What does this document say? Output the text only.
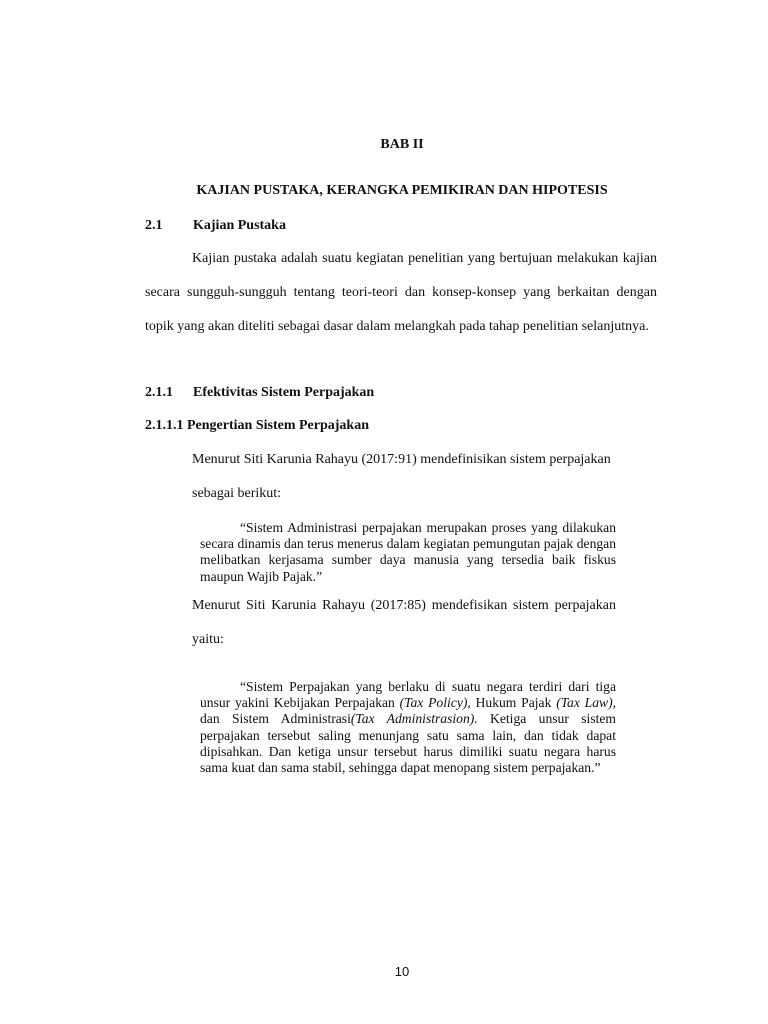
BAB II

KAJIAN PUSTAKA, KERANGKA PEMIKIRAN DAN HIPOTESIS

2.1 Kajian Pustaka

Kajian pustaka adalah suatu kegiatan penelitian yang bertujuan melakukan kajian secara sungguh-sungguh tentang teori-teori dan konsep-konsep yang berkaitan dengan topik yang akan diteliti sebagai dasar dalam melangkah pada tahap penelitian selanjutnya.

2.1.1 Efektivitas Sistem Perpajakan

2.1.1.1 Pengertian Sistem Perpajakan

Menurut Siti Karunia Rahayu (2017:91) mendefinisikan sistem perpajakan sebagai berikut:

“Sistem Administrasi perpajakan merupakan proses yang dilakukan secara dinamis dan terus menerus dalam kegiatan pemungutan pajak dengan melibatkan kerjasama sumber daya manusia yang tersedia baik fiskus maupun Wajib Pajak.”

Menurut Siti Karunia Rahayu (2017:85) mendefisikan sistem perpajakan yaitu:

“Sistem Perpajakan yang berlaku di suatu negara terdiri dari tiga unsur yakini Kebijakan Perpajakan (Tax Policy), Hukum Pajak (Tax Law), dan Sistem Administrasi(Tax Administrasion). Ketiga unsur sistem perpajakan tersebut saling menunjang satu sama lain, dan tidak dapat dipisahkan. Dan ketiga unsur tersebut harus dimiliki suatu negara harus sama kuat dan sama stabil, sehingga dapat menopang sistem perpajakan.”

10
